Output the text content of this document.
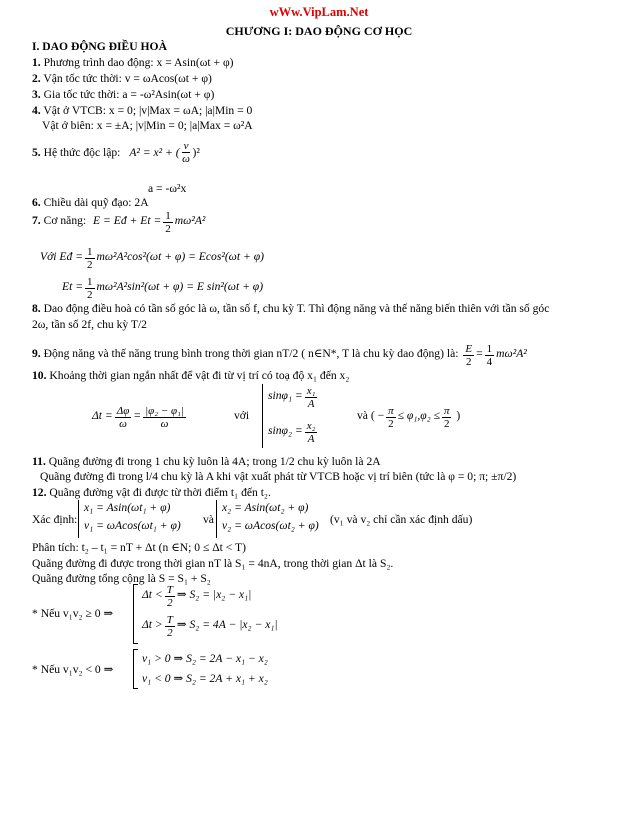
wWw.VipLam.Net
CHƯƠNG I: DAO ĐỘNG CƠ HỌC
I. DAO ĐỘNG ĐIỀU HOÀ
1. Phương trình dao động: x = Asin(ωt + φ)
2. Vận tốc tức thời: v = ωAcos(ωt + φ)
3. Gia tốc tức thời: a = -ω²Asin(ωt + φ)
4. Vật ở VTCB: x = 0; |v|Max = ωA; |a|Min = 0
Vật ở biên: x = ±A; |v|Min = 0; |a|Max = ω²A
5. Hệ thức độc lập: A² = x² + ( $\frac{v}{\omega} )^2$
a = -ω²x
6. Chiều dài quỹ đạo: 2A
7. Cơ năng: E = Eđ + $Et = \frac{1}{2} m\omega^2A^2$
Với Eđ = $\frac{1}{2} m\omega^2A^2\cos^2(\omega t + \varphi) = Ecos^2(\omega t + \varphi)$
$Et = \frac{1}{2} m\omega^2A^2\sin^2(\omega t + \varphi) = E$ sin²(ωt + φ)
8. Dao động điều hoà có tần số góc là ω, tần số f, chu kỳ T. Thì động năng và thế năng biến thiên với tần số góc
2ω, tần số 2f, chu kỳ T/2
9. Động năng và thế năng trung bình trong thời gian nT/2 ( n∈N*, T là chu kỳ dao động) là: $\frac{E}{2} = \frac{1}{4} m\omega^2A^2$
10. Khoảng thời gian ngắn nhất để vật đi từ vị trí có toạ độ x₁ đến x₂
$\Delta t = \frac{\Delta\varphi}{\omega} = \frac{\text{|φ₂ − φ₁|}}{\omega}$	với
$\sin\varphi_1 = \frac{\text{x₁}}{A}$
$\sin\varphi_2 = \frac{\text{x₂}}{A}$
và ( − $\frac{\pi}{2} \le \varphi_1,\varphi_2 \le \frac{\pi}{2}$ )
11. Quãng đường đi trong 1 chu kỳ luôn là 4A; trong 1/2 chu kỳ luôn là 2A
Quãng đường đi trong l/4 chu kỳ là A khi vật xuất phát từ VTCB hoặc vị trí biên (tức là φ = 0; π; ±π/2)
12. Quãng đường vật đi được từ thời điểm t₁ đến t₂.
Xác định:
x₁ = Asin(ωt₁ + φ)
v₁ = ωAcos(ωt₁ + φ) và
x₂ = Asin(ωt₂ + φ)
v₂ = ωAcos(ωt₂ + φ) (v₁ và v₂ chỉ cần xác định dấu)
Phân tích: t₂ – t₁ = nT + Δt (n ∈N; 0 ≤ Δt < T)
Quãng đường đi được trong thời gian nT là S₁ = 4nA, trong thời gian Δt là S₂.
Quãng đường tổng cộng là S = S₁ + S₂
* Nếu v₁v₂ ≥ 0 ⇒
$\Delta t < \frac{T}{2}$ ⇒ S₂ = |x₂ − x₁|
$\Delta t > \frac{T}{2}$ ⇒ S₂ = 4A − |x₂ − x₁|
* Nếu v₁v₂ < 0 ⇒
v₁ > 0 ⇒ S₂ = 2A − x₁ − x₂
v₁ < 0 ⇒ S₂ = 2A + x₁ + x₂
